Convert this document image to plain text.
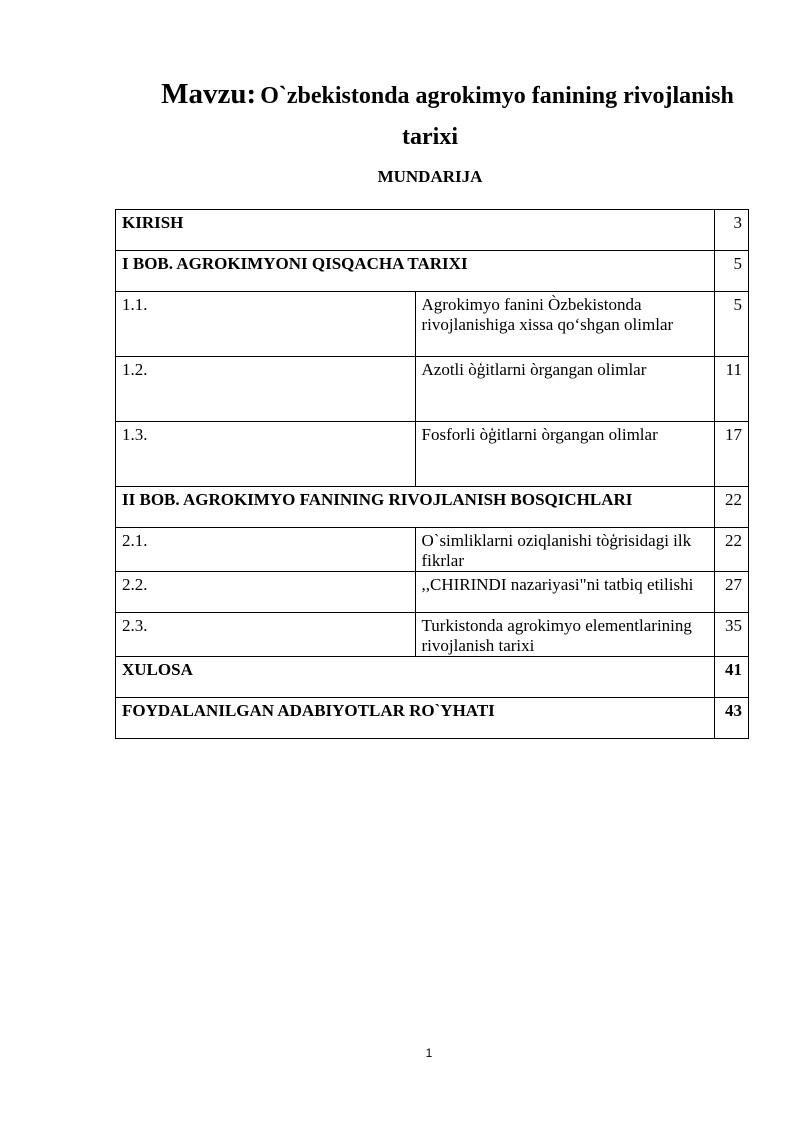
Mavzu: O`zbekistonda agrokimyo fanining rivojlanish
tarixi
MUNDARIJA
KIRISH		3
I BOB. AGROKIMYONI QISQACHA TARIXI		5
1.1.	Agrokimyo fanini Òzbekistonda rivojlanishiga xissa qo‘shgan olimlar	5
1.2.	Azotli òģitlarni òrgangan olimlar	11
1.3.	Fosforli òģitlarni òrgangan olimlar	17
II BOB. AGROKIMYO FANINING RIVOJLANISH BOSQICHLARI		22
2.1.	O`simliklarni oziqlanishi tòģrisidagi ilk fikrlar	22
2.2.	,,CHIRINDI nazariyasi"ni tatbiq etilishi	27
2.3.	Turkistonda agrokimyo elementlarining rivojlanish tarixi	35
XULOSA		41
FOYDALANILGAN ADABIYOTLAR RO`YHATI		43
1
